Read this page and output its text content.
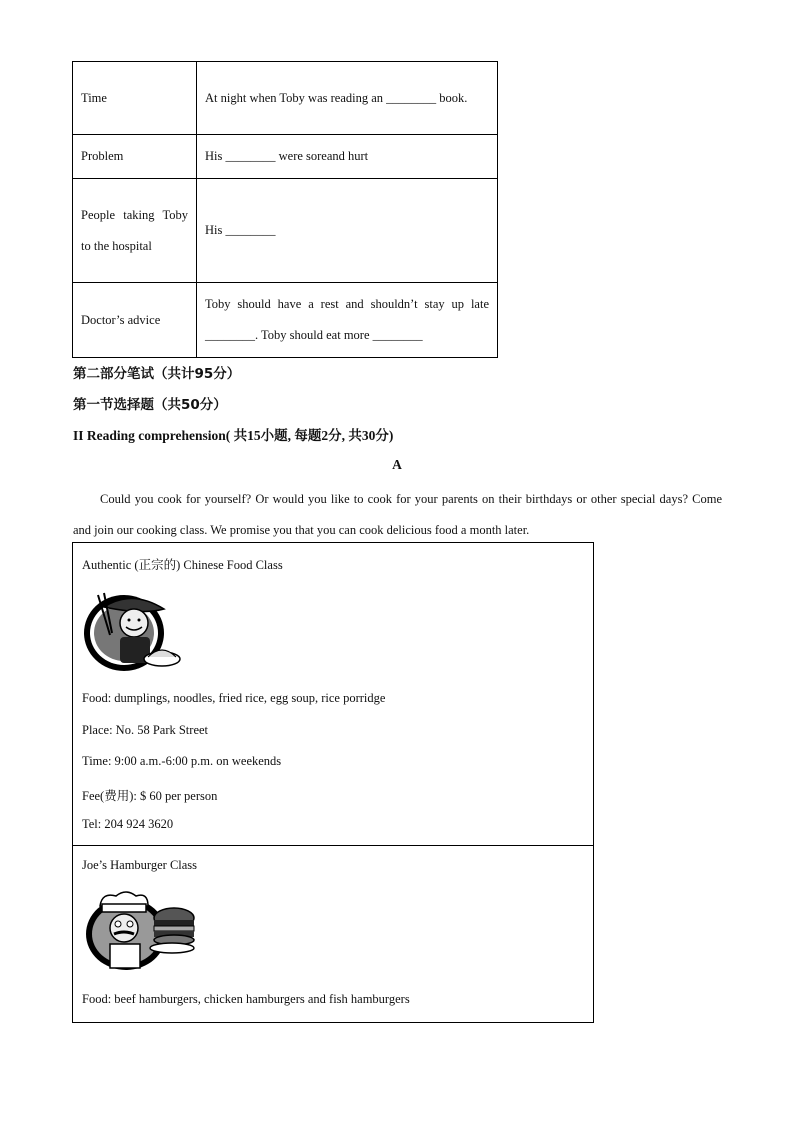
Time	At night when Toby was reading an ________ book.
Problem	His ________ were soreand hurt
People taking Toby to the hospital	His ________
Doctor’s advice	Toby should have a rest and shouldn’t stay up late ________. Toby should eat more ________
第二部分笔试（共计95分）
第一节选择题（共50分）
II Reading comprehension( 共15小题, 每题2分, 共30分)
A
Could you cook for yourself? Or would you like to cook for your parents on their birthdays or other special days? Come and join our cooking class. We promise you that you can cook delicious food a month later.
Authentic (正宗的) Chinese Food Class
Food: dumplings, noodles, fried rice, egg soup, rice porridge
Place: No. 58 Park Street
Time: 9:00 a.m.-6:00 p.m. on weekends
Fee(费用): $ 60 per person
Tel: 204 924 3620
Joe’s Hamburger Class
Food: beef hamburgers, chicken hamburgers and fish hamburgers
